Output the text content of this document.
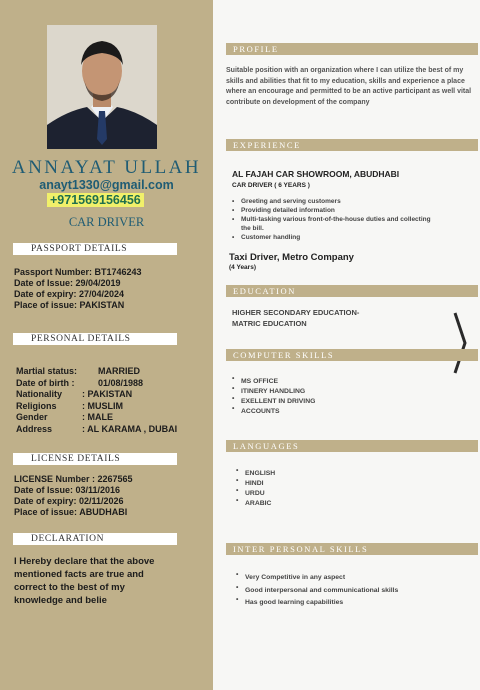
ANNAYAT ULLAH
anayt1330@gmail.com
+971569156456
CAR DRIVER
PASSPORT DETAILS
Passport Number: BT1746243
Date of Issue: 29/04/2019
Date of expiry: 27/04/2024
Place of issue: PAKISTAN
PERSONAL DETAILS
Martial status:	MARRIED
Date of birth :	01/08/1988
Nationality	: PAKISTAN
Religions	: MUSLIM
Gender	: MALE
Address	: AL KARAMA , DUBAI
LICENSE DETAILS
LICENSE Number : 2267565
Date of Issue: 03/11/2016
Date of expiry: 02/11/2026
Place of issue: ABUDHABI
DECLARATION
I Hereby declare that the above mentioned facts are true and correct to the best of my knowledge and belie
PROFILE
Suitable position with an organization where I can utilize the best of my skills and abilities that fit to my education, skills and experience a place where an encourage and permitted to be an active participant as well vital contribute on development of the company
EXPERIENCE
AL FAJAH CAR SHOWROOM, ABUDHABI
CAR DRIVER ( 6 YEARS )
• Greeting and serving customers
• Providing detailed information
• Multi-tasking various front-of-the-house duties and collecting the bill.
• Customer handling
Taxi Driver, Metro Company
(4 Years)
EDUCATION
HIGHER SECONDARY EDUCATION-
MATRIC EDUCATION
COMPUTER SKILLS
• MS OFFICE
• ITINERY HANDLING
• EXELLENT IN DRIVING
• ACCOUNTS
LANGUAGES
• ENGLISH
• HINDI
• URDU
• ARABIC
INTER PERSONAL SKILLS
• Very Competitive in any aspect
• Good interpersonal and communicational skills
• Has good learning capabilities
